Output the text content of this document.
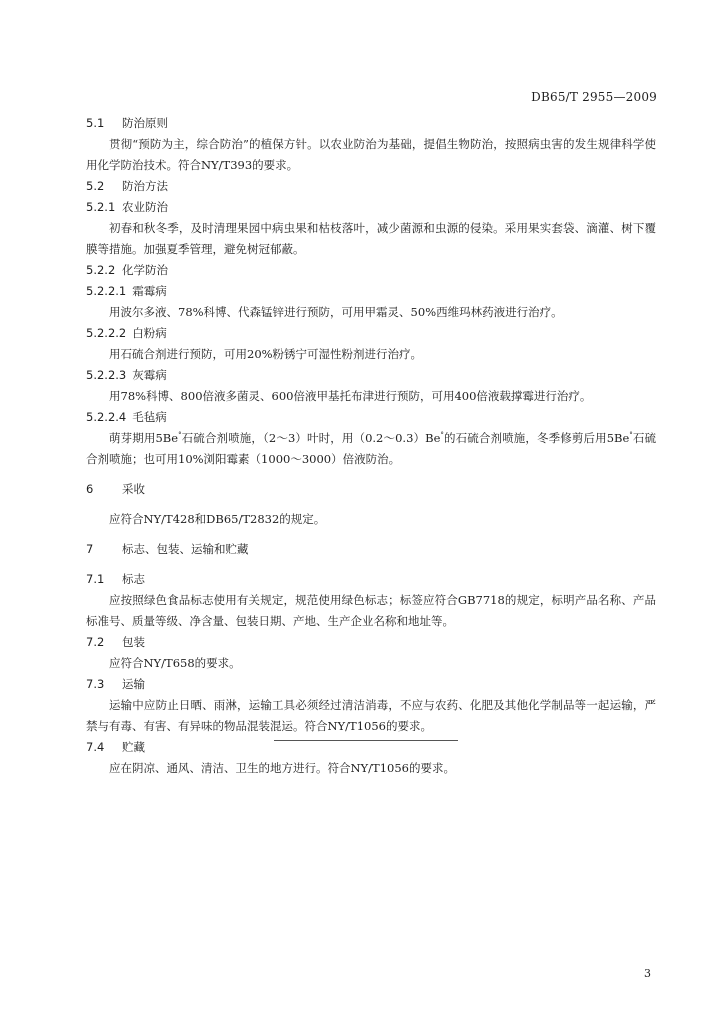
DB65/T 2955—2009
5.1 防治原则
贯彻“预防为主，综合防治”的植保方针。以农业防治为基础，提倡生物防治，按照病虫害的发生规律科学使用化学防治技术。符合NY/T393的要求。
5.2 防治方法
5.2.1 农业防治
初春和秋冬季，及时清理果园中病虫果和枯枝落叶，减少菌源和虫源的侵染。采用果实套袋、滴灌、树下覆膜等措施。加强夏季管理，避免树冠郁蔽。
5.2.2 化学防治
5.2.2.1 霜霉病
用波尔多液、78%科博、代森锰锌进行预防，可用甲霜灵、50%西维玛林药液进行治疗。
5.2.2.2 白粉病
用石硫合剂进行预防，可用20%粉锈宁可湿性粉剂进行治疗。
5.2.2.3 灰霉病
用78%科博、800倍液多菌灵、600倍液甲基托布津进行预防，可用400倍液载撑霉进行治疗。
5.2.2.4 毛毡病
萌芽期用5Be°石硫合剂喷施，（2～3）叶时，用（0.2～0.3）Be°的石硫合剂喷施，冬季修剪后用5Be°石硫合剂喷施；也可用10%浏阳霉素（1000～3000）倍液防治。
6 采收
应符合NY/T428和DB65/T2832的规定。
7 标志、包装、运输和贮藏
7.1 标志
应按照绿色食品标志使用有关规定，规范使用绿色标志；标签应符合GB7718的规定，标明产品名称、产品标准号、质量等级、净含量、包装日期、产地、生产企业名称和地址等。
7.2 包装
应符合NY/T658的要求。
7.3 运输
运输中应防止日晒、雨淋，运输工具必须经过清洁消毒，不应与农药、化肥及其他化学制品等一起运输，严禁与有毒、有害、有异味的物品混装混运。符合NY/T1056的要求。
7.4 贮藏
应在阴凉、通风、清洁、卫生的地方进行。符合NY/T1056的要求。
3
